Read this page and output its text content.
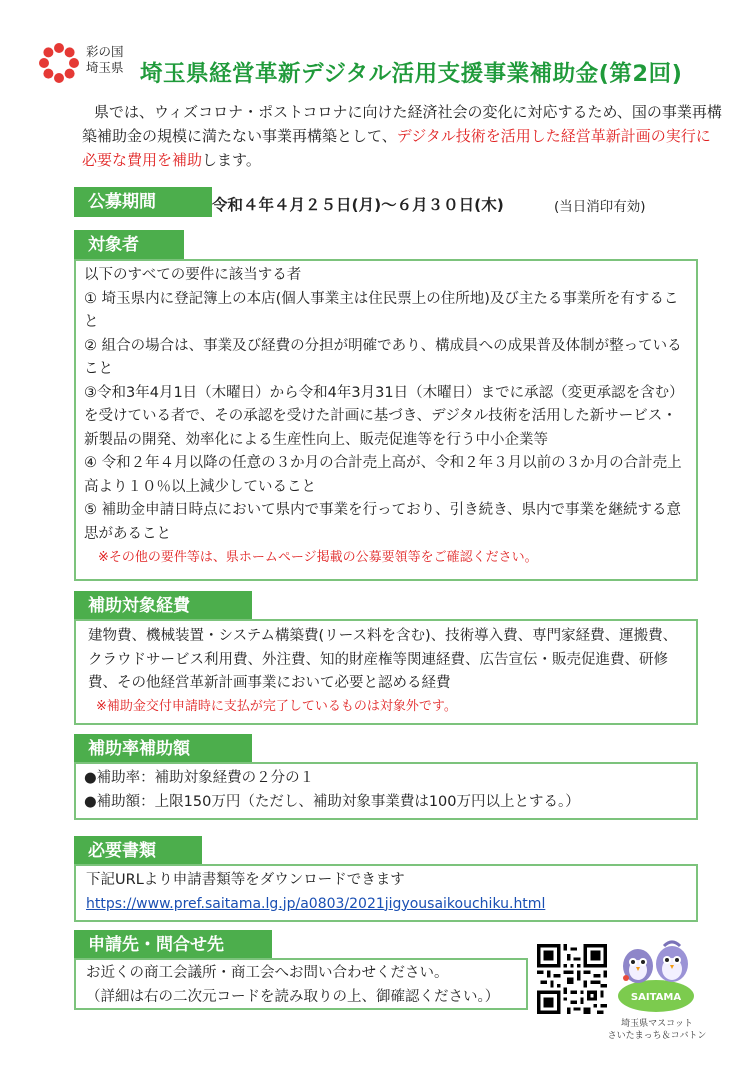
彩の国
埼玉県 埼玉県経営革新デジタル活用支援事業補助金(第2回)
県では、ウィズコロナ・ポストコロナに向けた経済社会の変化に対応するため、国の事業再構築補助金の規模に満たない事業再構築として、デジタル技術を活用した経営革新計画の実行に必要な費用を補助します。
公募期間	令和４年４月２５日(月)～６月３０日(木)	(当日消印有効)
対象者
以下のすべての要件に該当する者
① 埼玉県内に登記簿上の本店(個人事業主は住民票上の住所地)及び主たる事業所を有すること
② 組合の場合は、事業及び経費の分担が明確であり、構成員への成果普及体制が整っていること
③令和3年4月1日（木曜日）から令和4年3月31日（木曜日）までに承認（変更承認を含む）を受けている者で、その承認を受けた計画に基づき、デジタル技術を活用した新サービス・新製品の開発、効率化による生産性向上、販売促進等を行う中小企業等
④ 令和２年４月以降の任意の３か月の合計売上高が、令和２年３月以前の３か月の合計売上高より１０％以上減少していること
⑤ 補助金申請日時点において県内で事業を行っており、引き続き、県内で事業を継続する意思があること
※その他の要件等は、県ホームページ掲載の公募要領等をご確認ください。
補助対象経費
建物費、機械装置・システム構築費(リース料を含む)、技術導入費、専門家経費、運搬費、クラウドサービス利用費、外注費、知的財産権等関連経費、広告宣伝・販売促進費、研修費、その他経営革新計画事業において必要と認める経費
※補助金交付申請時に支払が完了しているものは対象外です。
補助率補助額
●補助率：補助対象経費の２分の１
●補助額：上限150万円（ただし、補助対象事業費は100万円以上とする。）
必要書類
下記URLより申請書類等をダウンロードできます
https://www.pref.saitama.lg.jp/a0803/2021jigyousaikouchiku.html
申請先・問合せ先
お近くの商工会議所・商工会へお問い合わせください。
（詳細は右の二次元コードを読み取りの上、御確認ください。）	SAITAMA
埼玉県マスコット
さいたまっち＆コバトン
